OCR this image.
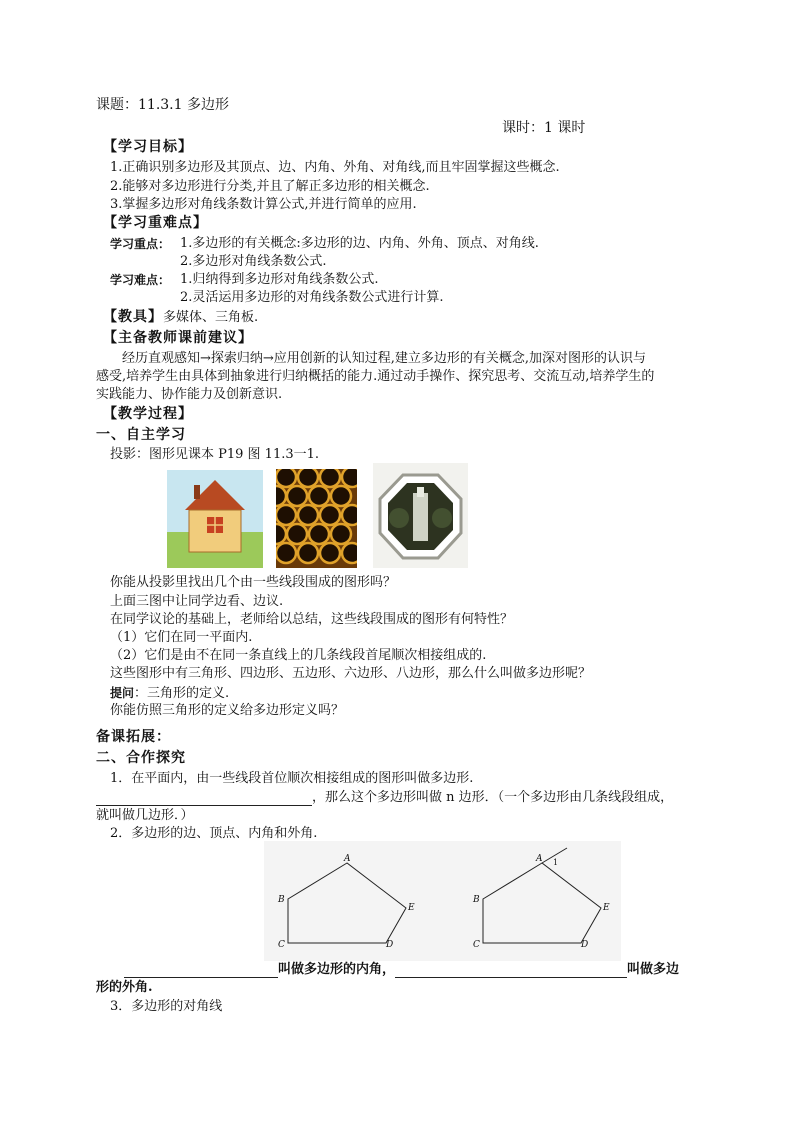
课题：11.3.1 多边形
课时：1 课时
【学习目标】
1.正确识别多边形及其顶点、边、内角、外角、对角线,而且牢固掌握这些概念.
2.能够对多边形进行分类,并且了解正多边形的相关概念.
3.掌握多边形对角线条数计算公式,并进行简单的应用.
【学习重难点】
学习重点： 1.多边形的有关概念:多边形的边、内角、外角、顶点、对角线.
2.多边形对角线条数公式.
学习难点： 1.归纳得到多边形对角线条数公式.
2.灵活运用多边形的对角线条数公式进行计算.
【教具】多媒体、三角板.
【主备教师课前建议】
经历直观感知→探索归纳→应用创新的认知过程,建立多边形的有关概念,加深对图形的认识与
感受,培养学生由具体到抽象进行归纳概括的能力.通过动手操作、探究思考、交流互动,培养学生的
实践能力、协作能力及创新意识.
【教学过程】
一、自主学习
投影：图形见课本 P19 图 11.3一1.
你能从投影里找出几个由一些线段围成的图形吗？
上面三图中让同学边看、边议.
在同学议论的基础上，老师给以总结，这些线段围成的图形有何特性？
（1）它们在同一平面内.
（2）它们是由不在同一条直线上的几条线段首尾顺次相接组成的.
这些图形中有三角形、四边形、五边形、六边形、八边形，那么什么叫做多边形呢？
提问：三角形的定义.
你能仿照三角形的定义给多边形定义吗？
备课拓展：
二、合作探究
1．在平面内，由一些线段首位顺次相接组成的图形叫做多边形.
，那么这个多边形叫做 n 边形．（一个多边形由几条线段组成，
就叫做几边形．）
2．多边形的边、顶点、内角和外角.
A
B
C	D
E
A
B
C	D
E
1
叫做多边形的内角，	叫做多边
形的外角.
3．多边形的对角线
